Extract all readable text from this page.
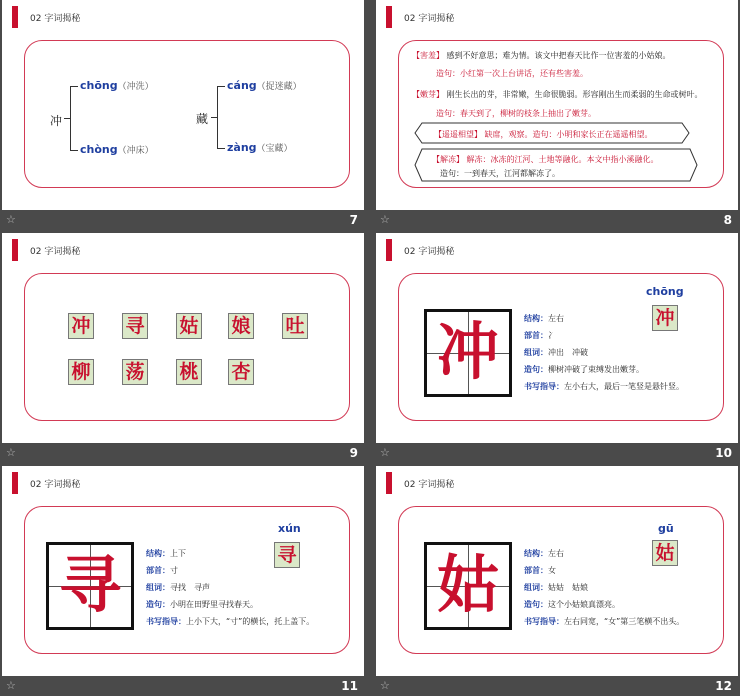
02 字词揭秘
冲
chōng（冲洗）
chòng（冲床）
藏
cáng（捉迷藏）
zàng（宝藏）
☆	7
02 字词揭秘
【害羞】 感到不好意思；难为情。该文中把春天比作一位害羞的小姑娘。
造句：小红第一次上台讲话，还有些害羞。
【嫩芽】 刚生长出的芽，非常嫩，生命很脆弱。形容刚出生而柔弱的生命或树叶。
造句：春天到了，柳树的枝条上抽出了嫩芽。
【遥遥相望】 缺席，观察。造句：小明和家长正在遥遥相望。
【解冻】 解冻：冰冻的江河、土地等融化。本文中指小溪融化。
造句：一到春天，江河都解冻了。
☆	8
02 字词揭秘
冲 寻 姑 娘 吐
柳 荡 桃 杏
☆	9
02 字词揭秘
冲
chōng
冲
结构：左右
部首：冫
组词：冲出　冲破
造句：柳树冲破了束缚发出嫩芽。
书写指导：左小右大，最后一笔竖是悬针竖。
☆	10
02 字词揭秘
寻
xún
寻
结构：上下
部首：寸
组词：寻找　寻声
造句：小明在田野里寻找春天。
书写指导：上小下大，“寸”的横长，托上盖下。
☆	11
02 字词揭秘
姑
gū
姑
结构：左右
部首：女
组词：姑姑　姑娘
造句：这个小姑娘真漂亮。
书写指导：左右同宽，“女”第三笔横不出头。
☆	12
